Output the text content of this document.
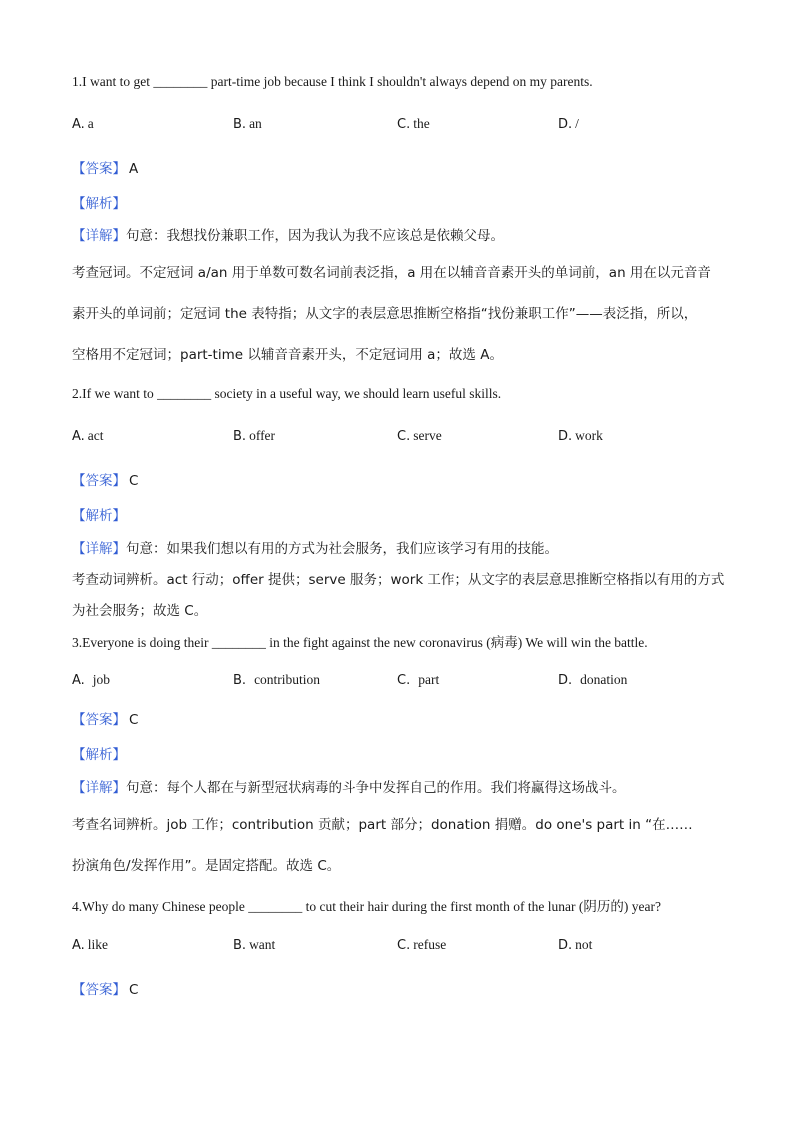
1.I want to get ________ part-time job because I think I shouldn't always depend on my parents.
A. a	B. an	C. the	D. /
【答案】 A
【解析】
【详解】句意：我想找份兼职工作，因为我认为我不应该总是依赖父母。
考查冠词。不定冠词 a/an 用于单数可数名词前表泛指，a 用在以辅音音素开头的单词前，an 用在以元音音
素开头的单词前；定冠词 the 表特指；从文字的表层意思推断空格指“找份兼职工作”——表泛指，所以，
空格用不定冠词；part-time 以辅音音素开头，不定冠词用 a；故选 A。
2.If we want to ________ society in a useful way, we should learn useful skills.
A. act	B. offer	C. serve	D. work
【答案】 C
【解析】
【详解】句意：如果我们想以有用的方式为社会服务，我们应该学习有用的技能。
考查动词辨析。act 行动；offer 提供；serve 服务；work 工作；从文字的表层意思推断空格指以有用的方式
为社会服务；故选 C。
3.Everyone is doing their ________ in the fight against the new coronavirus (病毒) We will win the battle.
A. job	B. contribution	C. part	D. donation
【答案】 C
【解析】
【详解】句意：每个人都在与新型冠状病毒的斗争中发挥自己的作用。我们将赢得这场战斗。
考查名词辨析。job 工作；contribution 贡献；part 部分；donation 捐赠。do one's part in “在……
扮演角色/发挥作用”。是固定搭配。故选 C。
4.Why do many Chinese people ________ to cut their hair during the first month of the lunar (阴历的) year?
A. like	B. want	C. refuse	D. not
【答案】 C
